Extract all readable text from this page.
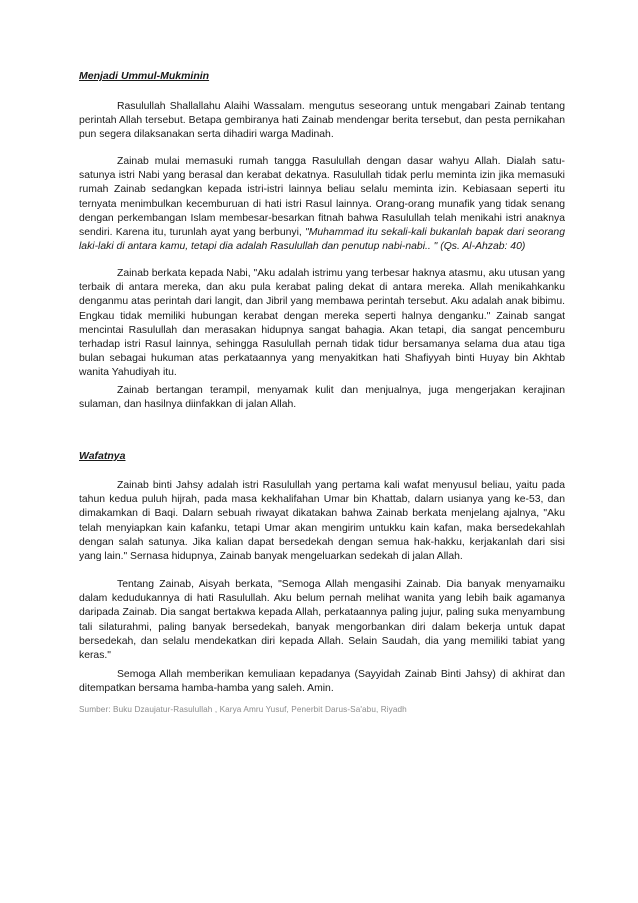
Menjadi Ummul-Mukminin

Rasulullah Shallallahu Alaihi Wassalam. mengutus seseorang untuk mengabari Zainab tentang perintah Allah tersebut. Betapa gembiranya hati Zainab mendengar berita tersebut, dan pesta pernikahan pun segera dilaksanakan serta dihadiri warga Madinah.

Zainab mulai memasuki rumah tangga Rasulullah dengan dasar wahyu Allah. Dialah satu-satunya istri Nabi yang berasal dan kerabat dekatnya. Rasulullah tidak perlu meminta izin jika memasuki rumah Zainab sedangkan kepada istri-istri lainnya beliau selalu meminta izin. Kebiasaan seperti itu ternyata menimbulkan kecemburuan di hati istri Rasul lainnya. Orang-orang munafik yang tidak senang dengan perkembangan Islam membesar-besarkan fitnah bahwa Rasulullah telah menikahi istri anaknya sendiri. Karena itu, turunlah ayat yang berbunyi, "Muhammad itu sekali-kali bukanlah bapak dari seorang laki-laki di antara kamu, tetapi dia adalah Rasulullah dan penutup nabi-nabi.. " (Qs. Al-Ahzab: 40)

Zainab berkata kepada Nabi, "Aku adalah istrimu yang terbesar haknya atasmu, aku utusan yang terbaik di antara mereka, dan aku pula kerabat paling dekat di antara mereka. Allah menikahkanku denganmu atas perintah dari langit, dan Jibril yang membawa perintah tersebut. Aku adalah anak bibimu. Engkau tidak memiliki hubungan kerabat dengan mereka seperti halnya denganku." Zainab sangat mencintai Rasulullah dan merasakan hidupnya sangat bahagia. Akan tetapi, dia sangat pencemburu terhadap istri Rasul lainnya, sehingga Rasulullah pernah tidak tidur bersamanya selama dua atau tiga bulan sebagai hukuman atas perkataannya yang menyakitkan hati Shafiyyah binti Huyay bin Akhtab wanita Yahudiyah itu.

Zainab bertangan terampil, menyamak kulit dan menjualnya, juga mengerjakan kerajinan sulaman, dan hasilnya diinfakkan di jalan Allah.

Wafatnya

Zainab binti Jahsy adalah istri Rasulullah yang pertama kali wafat menyusul beliau, yaitu pada tahun kedua puluh hijrah, pada masa kekhalifahan Umar bin Khattab, dalarn usianya yang ke-53, dan dimakamkan di Baqi. Dalarn sebuah riwayat dikatakan bahwa Zainab berkata menjelang ajalnya, "Aku telah menyiapkan kain kafanku, tetapi Umar akan mengirim untukku kain kafan, maka bersedekahlah dengan salah satunya. Jika kalian dapat bersedekah dengan semua hak-hakku, kerjakanlah dari sisi yang lain." Sernasa hidupnya, Zainab banyak mengeluarkan sedekah di jalan Allah.

Tentang Zainab, Aisyah berkata, "Semoga Allah mengasihi Zainab. Dia banyak menyamaiku dalam kedudukannya di hati Rasulullah. Aku belum pernah melihat wanita yang lebih baik agamanya daripada Zainab. Dia sangat bertakwa kepada Allah, perkataannya paling jujur, paling suka menyambung tali silaturahmi, paling banyak bersedekah, banyak mengorbankan diri dalam bekerja untuk dapat bersedekah, dan selalu mendekatkan diri kepada Allah. Selain Saudah, dia yang memiliki tabiat yang keras."

Semoga Allah memberikan kemuliaan kepadanya (Sayyidah Zainab Binti Jahsy) di akhirat dan ditempatkan bersama hamba-hamba yang saleh. Amin.

Sumber: Buku Dzaujatur-Rasulullah , Karya Amru Yusuf, Penerbit Darus-Sa'abu, Riyadh
